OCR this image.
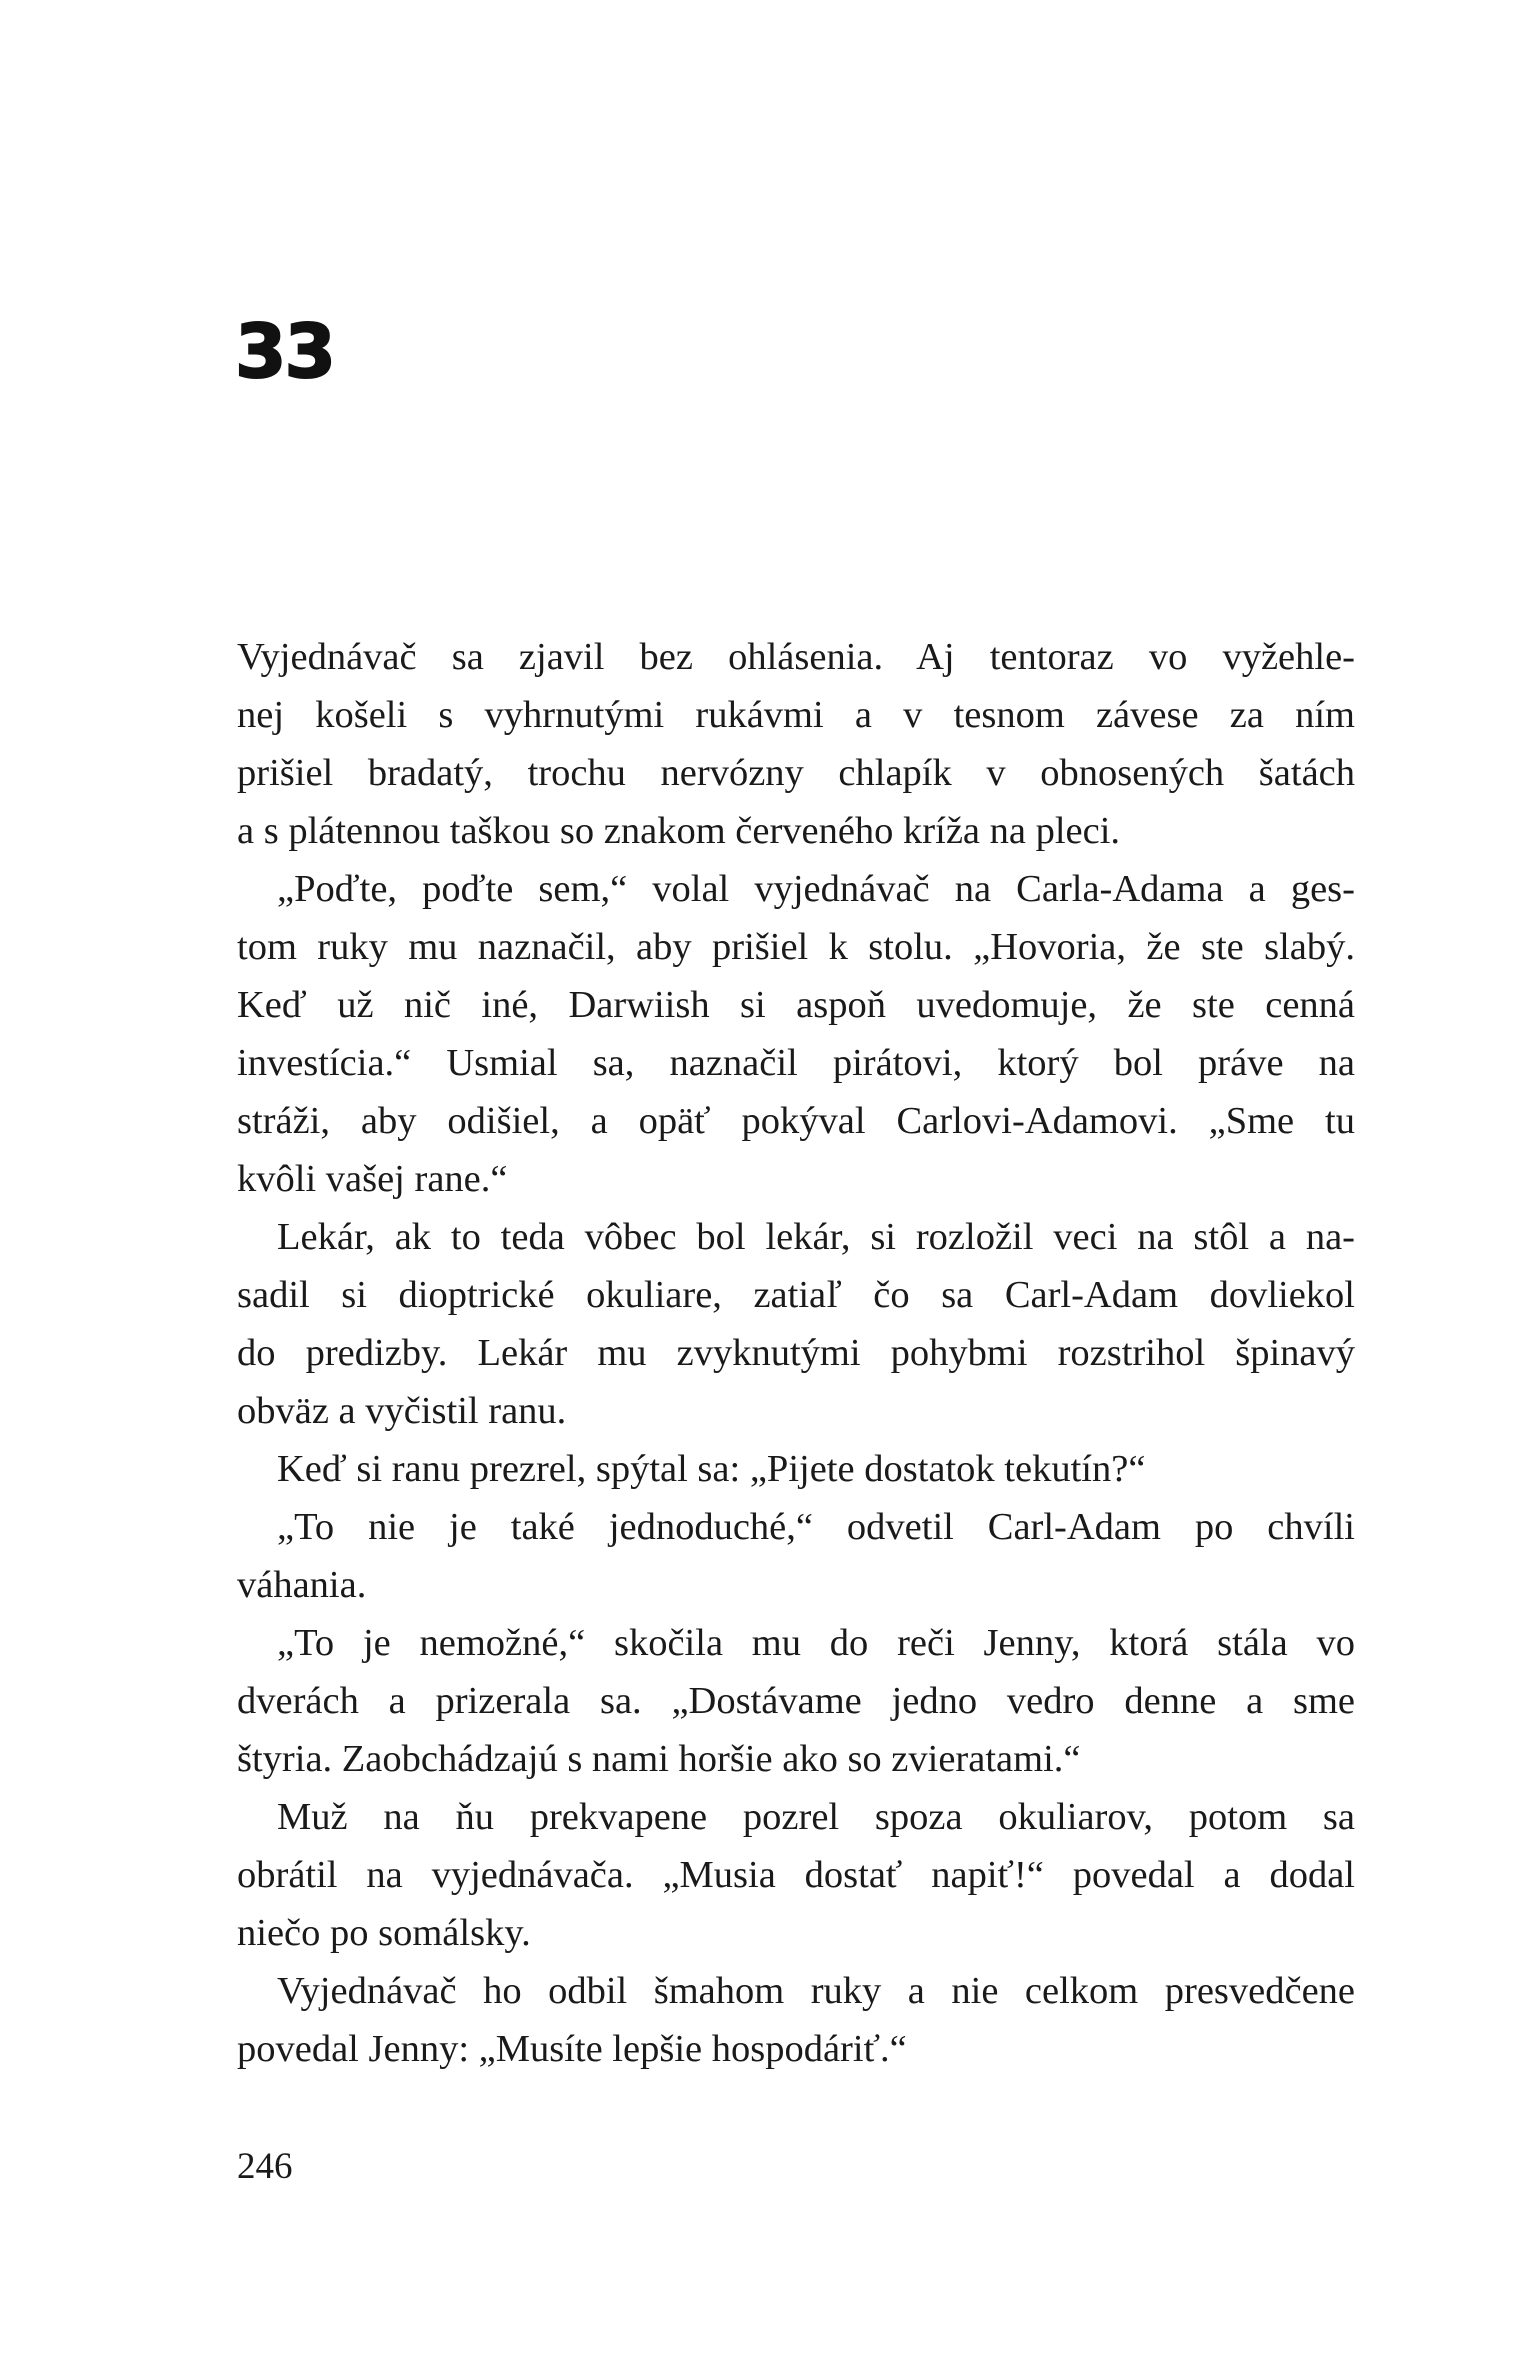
33
Vyjednávač sa zjavil bez ohlásenia. Aj tentoraz vo vyžehle-
nej košeli s vyhrnutými rukávmi a v tesnom závese za ním
prišiel bradatý, trochu nervózny chlapík v obnosených šatách
a s plátennou taškou so znakom červeného kríža na pleci.
„Poďte, poďte sem,“ volal vyjednávač na Carla-Adama a ges-
tom ruky mu naznačil, aby prišiel k stolu. „Hovoria, že ste slabý.
Keď už nič iné, Darwiish si aspoň uvedomuje, že ste cenná
investícia.“ Usmial sa, naznačil pirátovi, ktorý bol práve na
stráži, aby odišiel, a opäť pokýval Carlovi-Adamovi. „Sme tu
kvôli vašej rane.“
Lekár, ak to teda vôbec bol lekár, si rozložil veci na stôl a na-
sadil si dioptrické okuliare, zatiaľ čo sa Carl-Adam dovliekol
do predizby. Lekár mu zvyknutými pohybmi rozstrihol špinavý
obväz a vyčistil ranu.
Keď si ranu prezrel, spýtal sa: „Pijete dostatok tekutín?“
„To nie je také jednoduché,“ odvetil Carl-Adam po chvíli
váhania.
„To je nemožné,“ skočila mu do reči Jenny, ktorá stála vo
dverách a prizerala sa. „Dostávame jedno vedro denne a sme
štyria. Zaobchádzajú s nami horšie ako so zvieratami.“
Muž na ňu prekvapene pozrel spoza okuliarov, potom sa
obrátil na vyjednávača. „Musia dostať napiť!“ povedal a dodal
niečo po somálsky.
Vyjednávač ho odbil šmahom ruky a nie celkom presvedčene
povedal Jenny: „Musíte lepšie hospodáriť.“
246
